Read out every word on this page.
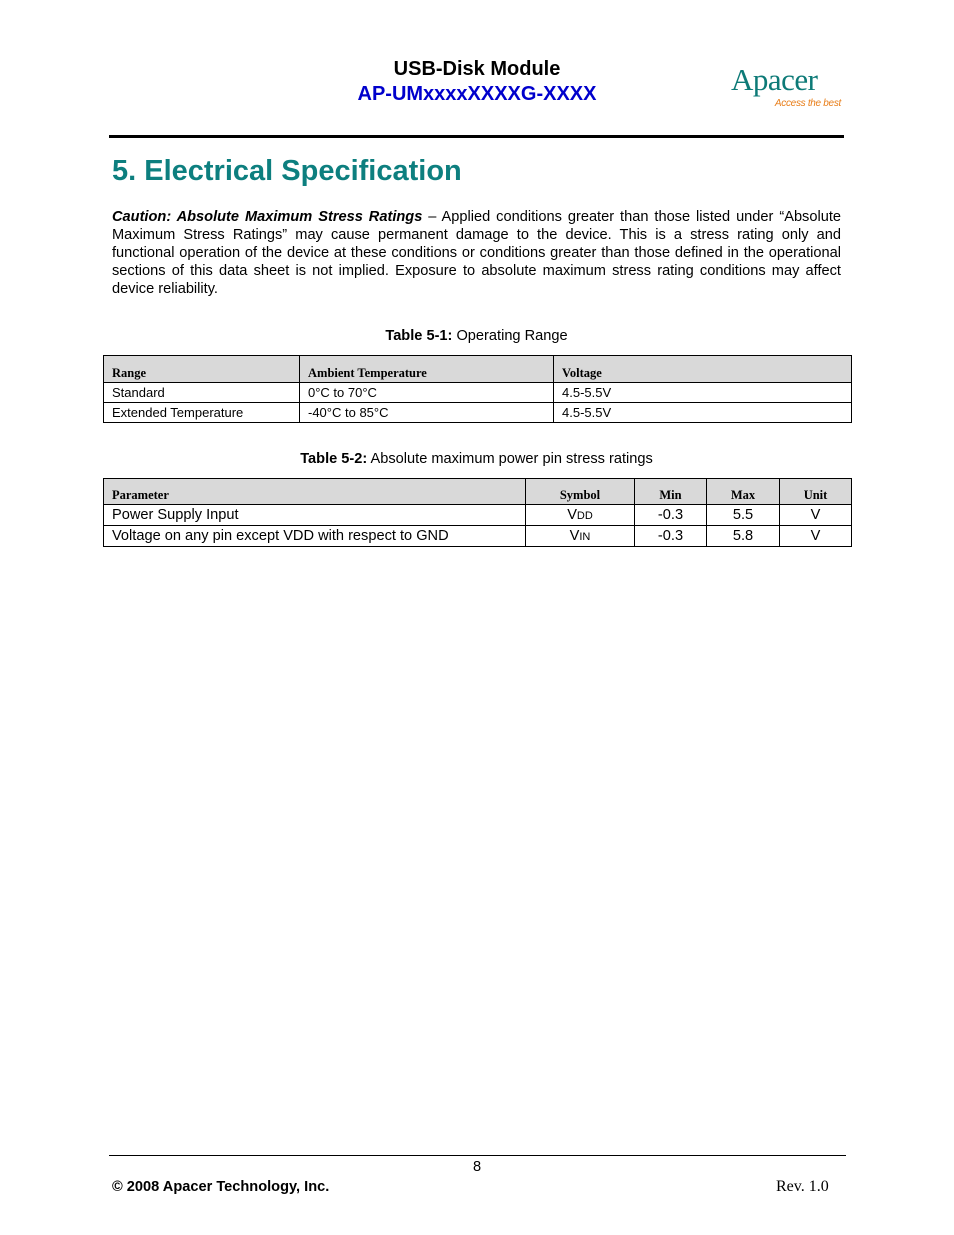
USB-Disk Module
AP-UMxxxxXXXXG-XXXX	Apacer
Access the best
5. Electrical Specification
Caution: Absolute Maximum Stress Ratings – Applied conditions greater than those listed under “Absolute Maximum Stress Ratings” may cause permanent damage to the device. This is a stress rating only and functional operation of the device at these conditions or conditions greater than those defined in the operational sections of this data sheet is not implied. Exposure to absolute maximum stress rating conditions may affect device reliability.
Table 5-1: Operating Range
Range	Ambient Temperature	Voltage
Standard	0°C to 70°C	4.5-5.5V
Extended Temperature	-40°C to 85°C	4.5-5.5V
Table 5-2: Absolute maximum power pin stress ratings
Parameter	Symbol	Min	Max	Unit
Power Supply Input	VDD	-0.3	5.5	V
Voltage on any pin except VDD with respect to GND	VIN	-0.3	5.8	V
8
© 2008 Apacer Technology, Inc.	Rev. 1.0
